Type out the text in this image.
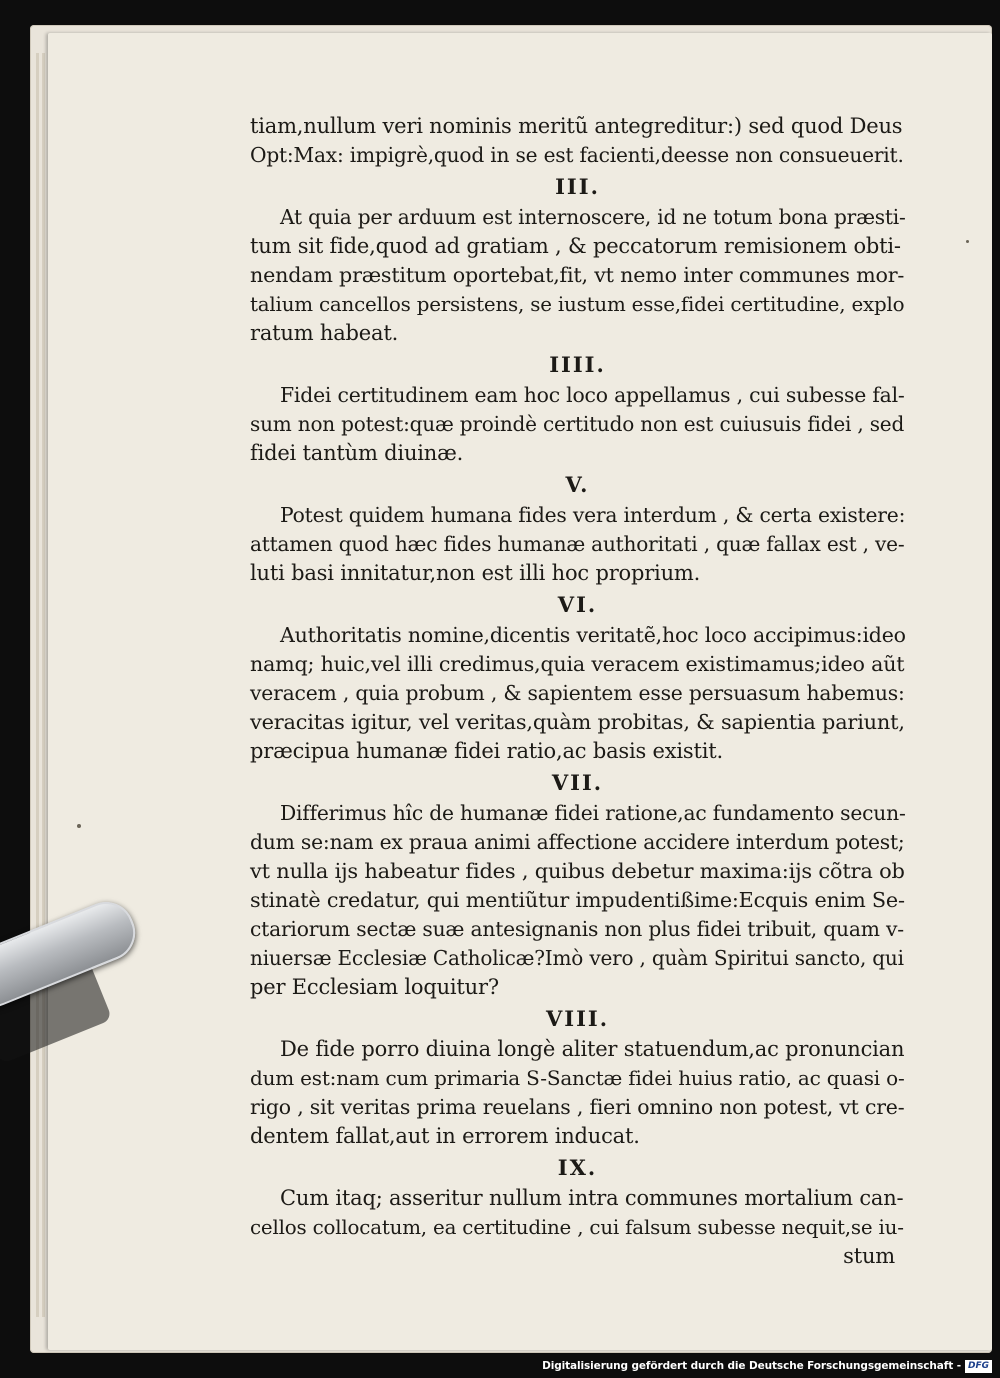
tiam,nullum veri nominis meritũ antegreditur:) sed quod Deus
Opt:Max: impigrè,quod in se est facienti,deesse non consueuerit.
III.
At quia per arduum est internoscere, id ne totum bona præsti-
tum sit fide,quod ad gratiam , & peccatorum remisionem obti-
nendam præstitum oportebat,fit, vt nemo inter communes mor-
talium cancellos persistens, se iustum esse,fidei certitudine, explo
ratum habeat.
IIII.
Fidei certitudinem eam hoc loco appellamus , cui subesse fal-
sum non potest:quæ proindè certitudo non est cuiusuis fidei , sed
fidei tantùm diuinæ.
V.
Potest quidem humana fides vera interdum , & certa existere:
attamen quod hæc fides humanæ authoritati , quæ fallax est , ve-
luti basi innitatur,non est illi hoc proprium.
VI.
Authoritatis nomine,dicentis veritatẽ,hoc loco accipimus:ideo
namq; huic,vel illi credimus,quia veracem existimamus;ideo aũt
veracem , quia probum , & sapientem esse persuasum habemus:
veracitas igitur, vel veritas,quàm probitas, & sapientia pariunt,
præcipua humanæ fidei ratio,ac basis existit.
VII.
Differimus hîc de humanæ fidei ratione,ac fundamento secun-
dum se:nam ex praua animi affectione accidere interdum potest;
vt nulla ijs habeatur fides , quibus debetur maxima:ijs cõtra ob
stinatè credatur, qui mentiũtur impudentißime:Ecquis enim Se-
ctariorum sectæ suæ antesignanis non plus fidei tribuit, quam v-
niuersæ Ecclesiæ Catholicæ?Imò vero , quàm Spiritui sancto, qui
per Ecclesiam loquitur?
VIII.
De fide porro diuina longè aliter statuendum,ac pronuncian
dum est:nam cum primaria S-Sanctæ fidei huius ratio, ac quasi o-
rigo , sit veritas prima reuelans , fieri omnino non potest, vt cre-
dentem fallat,aut in errorem inducat.
IX.
Cum itaq; asseritur nullum intra communes mortalium can-
cellos collocatum, ea certitudine , cui falsum subesse nequit,se iu-
stum
Digitalisierung gefördert durch die Deutsche Forschungsgemeinschaft - DFG
